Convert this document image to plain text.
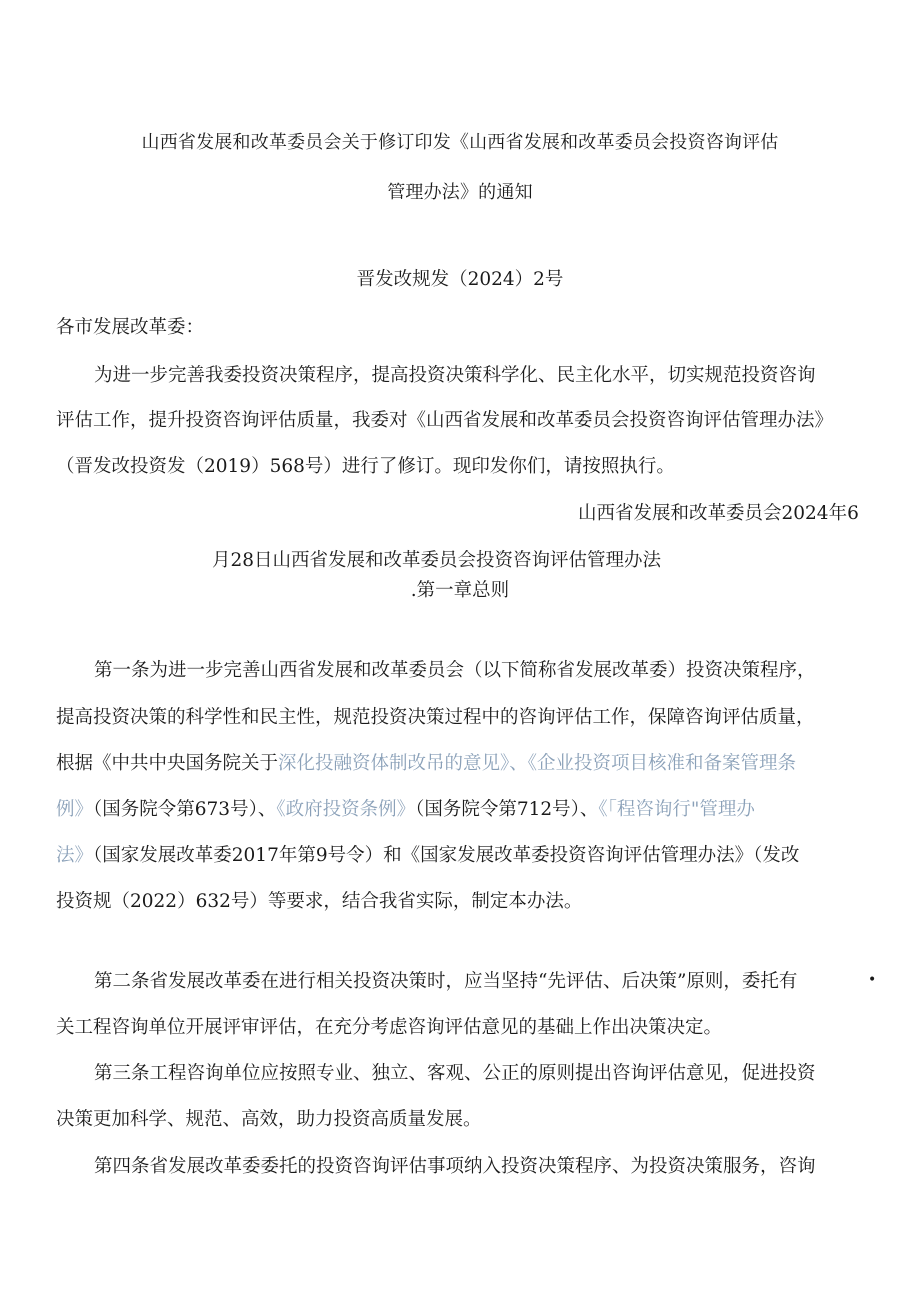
山西省发展和改革委员会关于修订印发《山西省发展和改革委员会投资咨询评估
管理办法》的通知
晋发改规发（2024）2号
各市发展改革委：
为进一步完善我委投资决策程序，提高投资决策科学化、民主化水平，切实规范投资咨询
评估工作，提升投资咨询评估质量，我委对《山西省发展和改革委员会投资咨询评估管理办法》
（晋发改投资发（2019）568号）进行了修订。现印发你们，请按照执行。
山西省发展和改革委员会2024年6
月28日山西省发展和改革委员会投资咨询评估管理办法
.第一章总则
第一条为进一步完善山西省发展和改革委员会（以下简称省发展改革委）投资决策程序，
提高投资决策的科学性和民主性，规范投资决策过程中的咨询评估工作，保障咨询评估质量，
根据《中共中央国务院关于深化投融资体制改吊的意见》、《企业投资项目核准和备案管理条
例》（国务院令第673号）、《政府投资条例》（国务院令第712号）、《「程咨询行"管理办
法》（国家发展改革委2017年第9号令）和《国家发展改革委投资咨询评估管理办法》（发改
投资规（2022）632号）等要求，结合我省实际，制定本办法。
第二条省发展改革委在进行相关投资决策时，应当坚持“先评估、后决策”原则，委托有	•
关工程咨询单位开展评审评估，在充分考虑咨询评估意见的基础上作出决策决定。
第三条工程咨询单位应按照专业、独立、客观、公正的原则提出咨询评估意见，促进投资
决策更加科学、规范、高效，助力投资高质量发展。
第四条省发展改革委委托的投资咨询评估事项纳入投资决策程序、为投资决策服务，咨询
